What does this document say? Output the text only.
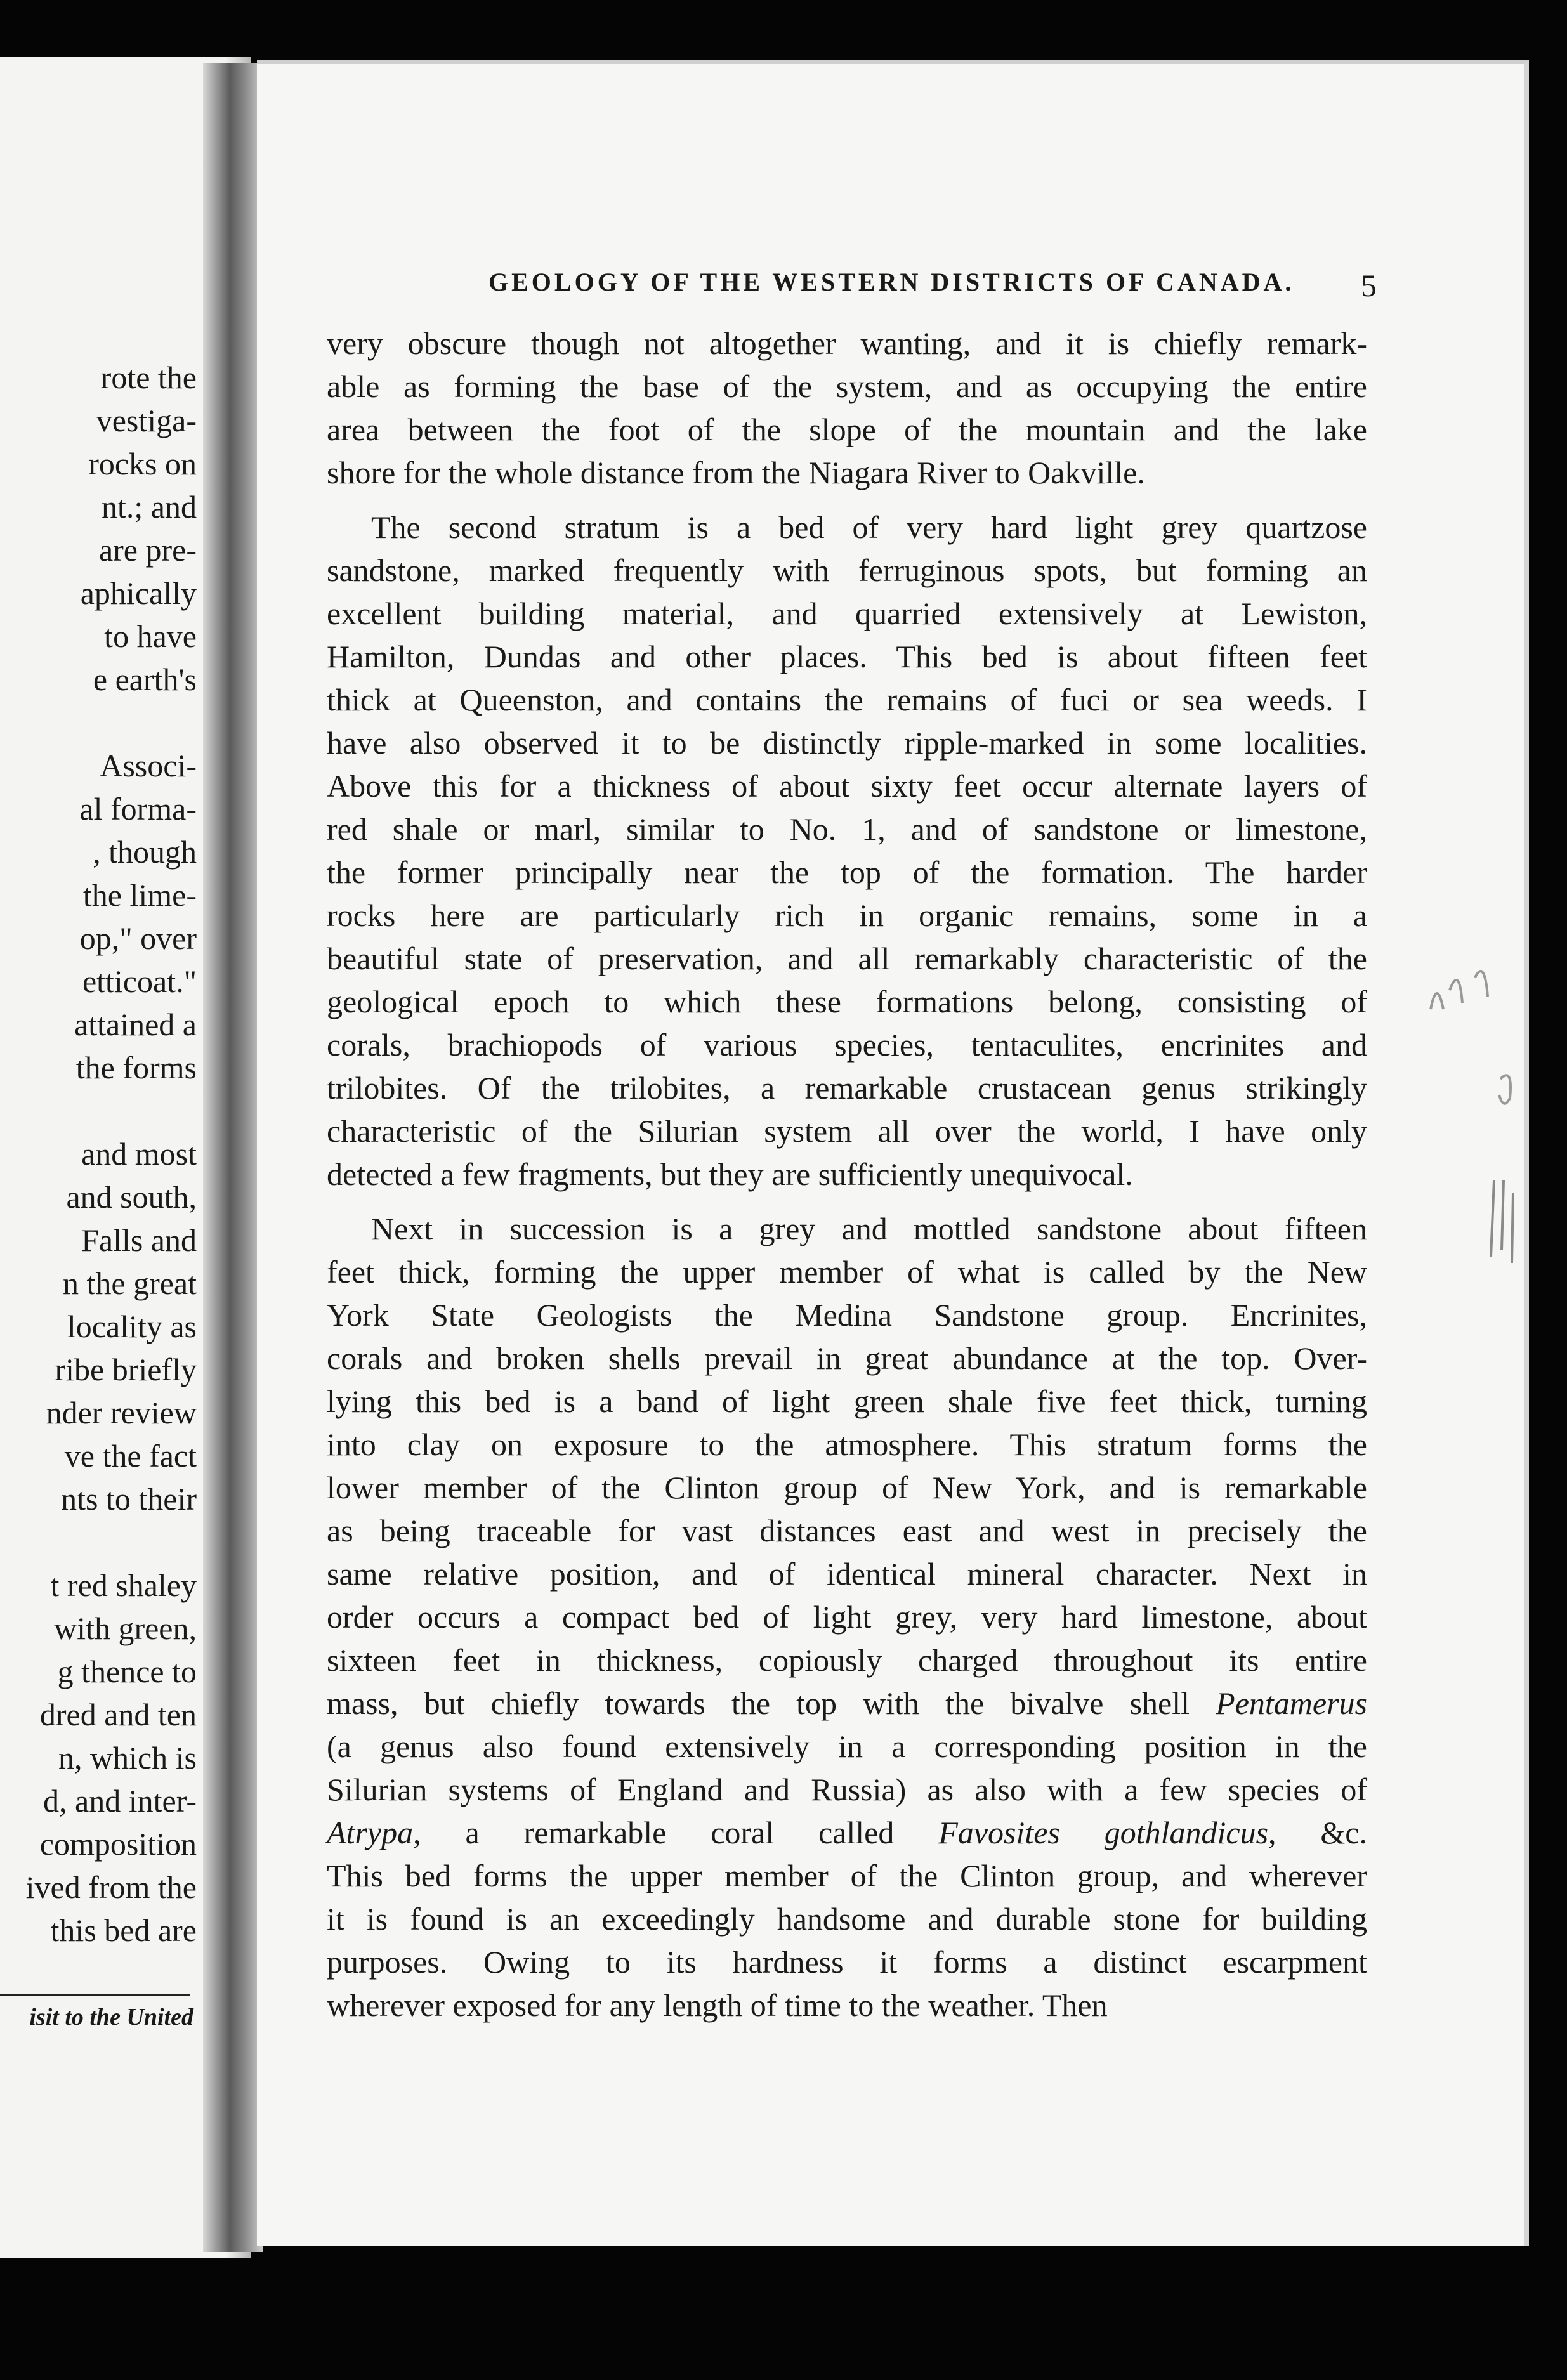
rote the
vestiga-
rocks on
nt.; and
are pre-
aphically
to have
e earth's
Associ-
al forma-
, though
the lime-
op," over
etticoat."
attained a
the forms
and most
and south,
Falls and
n the great
locality as
ribe briefly
nder review
ve the fact
nts to their
t red shaley
with green,
g thence to
dred and ten
n, which is
d, and inter-
composition
ived from the
this bed are
isit to the United
GEOLOGY OF THE WESTERN DISTRICTS OF CANADA. 5
very obscure though not altogether wanting, and it is chiefly remark-
able as forming the base of the system, and as occupying the entire
area between the foot of the slope of the mountain and the lake
shore for the whole distance from the Niagara River to Oakville.
The second stratum is a bed of very hard light grey quartzose
sandstone, marked frequently with ferruginous spots, but forming an
excellent building material, and quarried extensively at Lewiston,
Hamilton, Dundas and other places. This bed is about fifteen feet
thick at Queenston, and contains the remains of fuci or sea weeds. I
have also observed it to be distinctly ripple-marked in some localities.
Above this for a thickness of about sixty feet occur alternate layers of
red shale or marl, similar to No. 1, and of sandstone or limestone,
the former principally near the top of the formation. The harder
rocks here are particularly rich in organic remains, some in a
beautiful state of preservation, and all remarkably characteristic of the
geological epoch to which these formations belong, consisting of
corals, brachiopods of various species, tentaculites, encrinites and
trilobites. Of the trilobites, a remarkable crustacean genus strikingly
characteristic of the Silurian system all over the world, I have only
detected a few fragments, but they are sufficiently unequivocal.
Next in succession is a grey and mottled sandstone about fifteen
feet thick, forming the upper member of what is called by the New
York State Geologists the Medina Sandstone group. Encrinites,
corals and broken shells prevail in great abundance at the top. Over-
lying this bed is a band of light green shale five feet thick, turning
into clay on exposure to the atmosphere. This stratum forms the
lower member of the Clinton group of New York, and is remarkable
as being traceable for vast distances east and west in precisely the
same relative position, and of identical mineral character. Next in
order occurs a compact bed of light grey, very hard limestone, about
sixteen feet in thickness, copiously charged throughout its entire
mass, but chiefly towards the top with the bivalve shell Pentamerus
(a genus also found extensively in a corresponding position in the
Silurian systems of England and Russia) as also with a few species of
Atrypa, a remarkable coral called Favosites gothlandicus, &c.
This bed forms the upper member of the Clinton group, and wherever
it is found is an exceedingly handsome and durable stone for building
purposes. Owing to its hardness it forms a distinct escarpment
wherever exposed for any length of time to the weather. Then
